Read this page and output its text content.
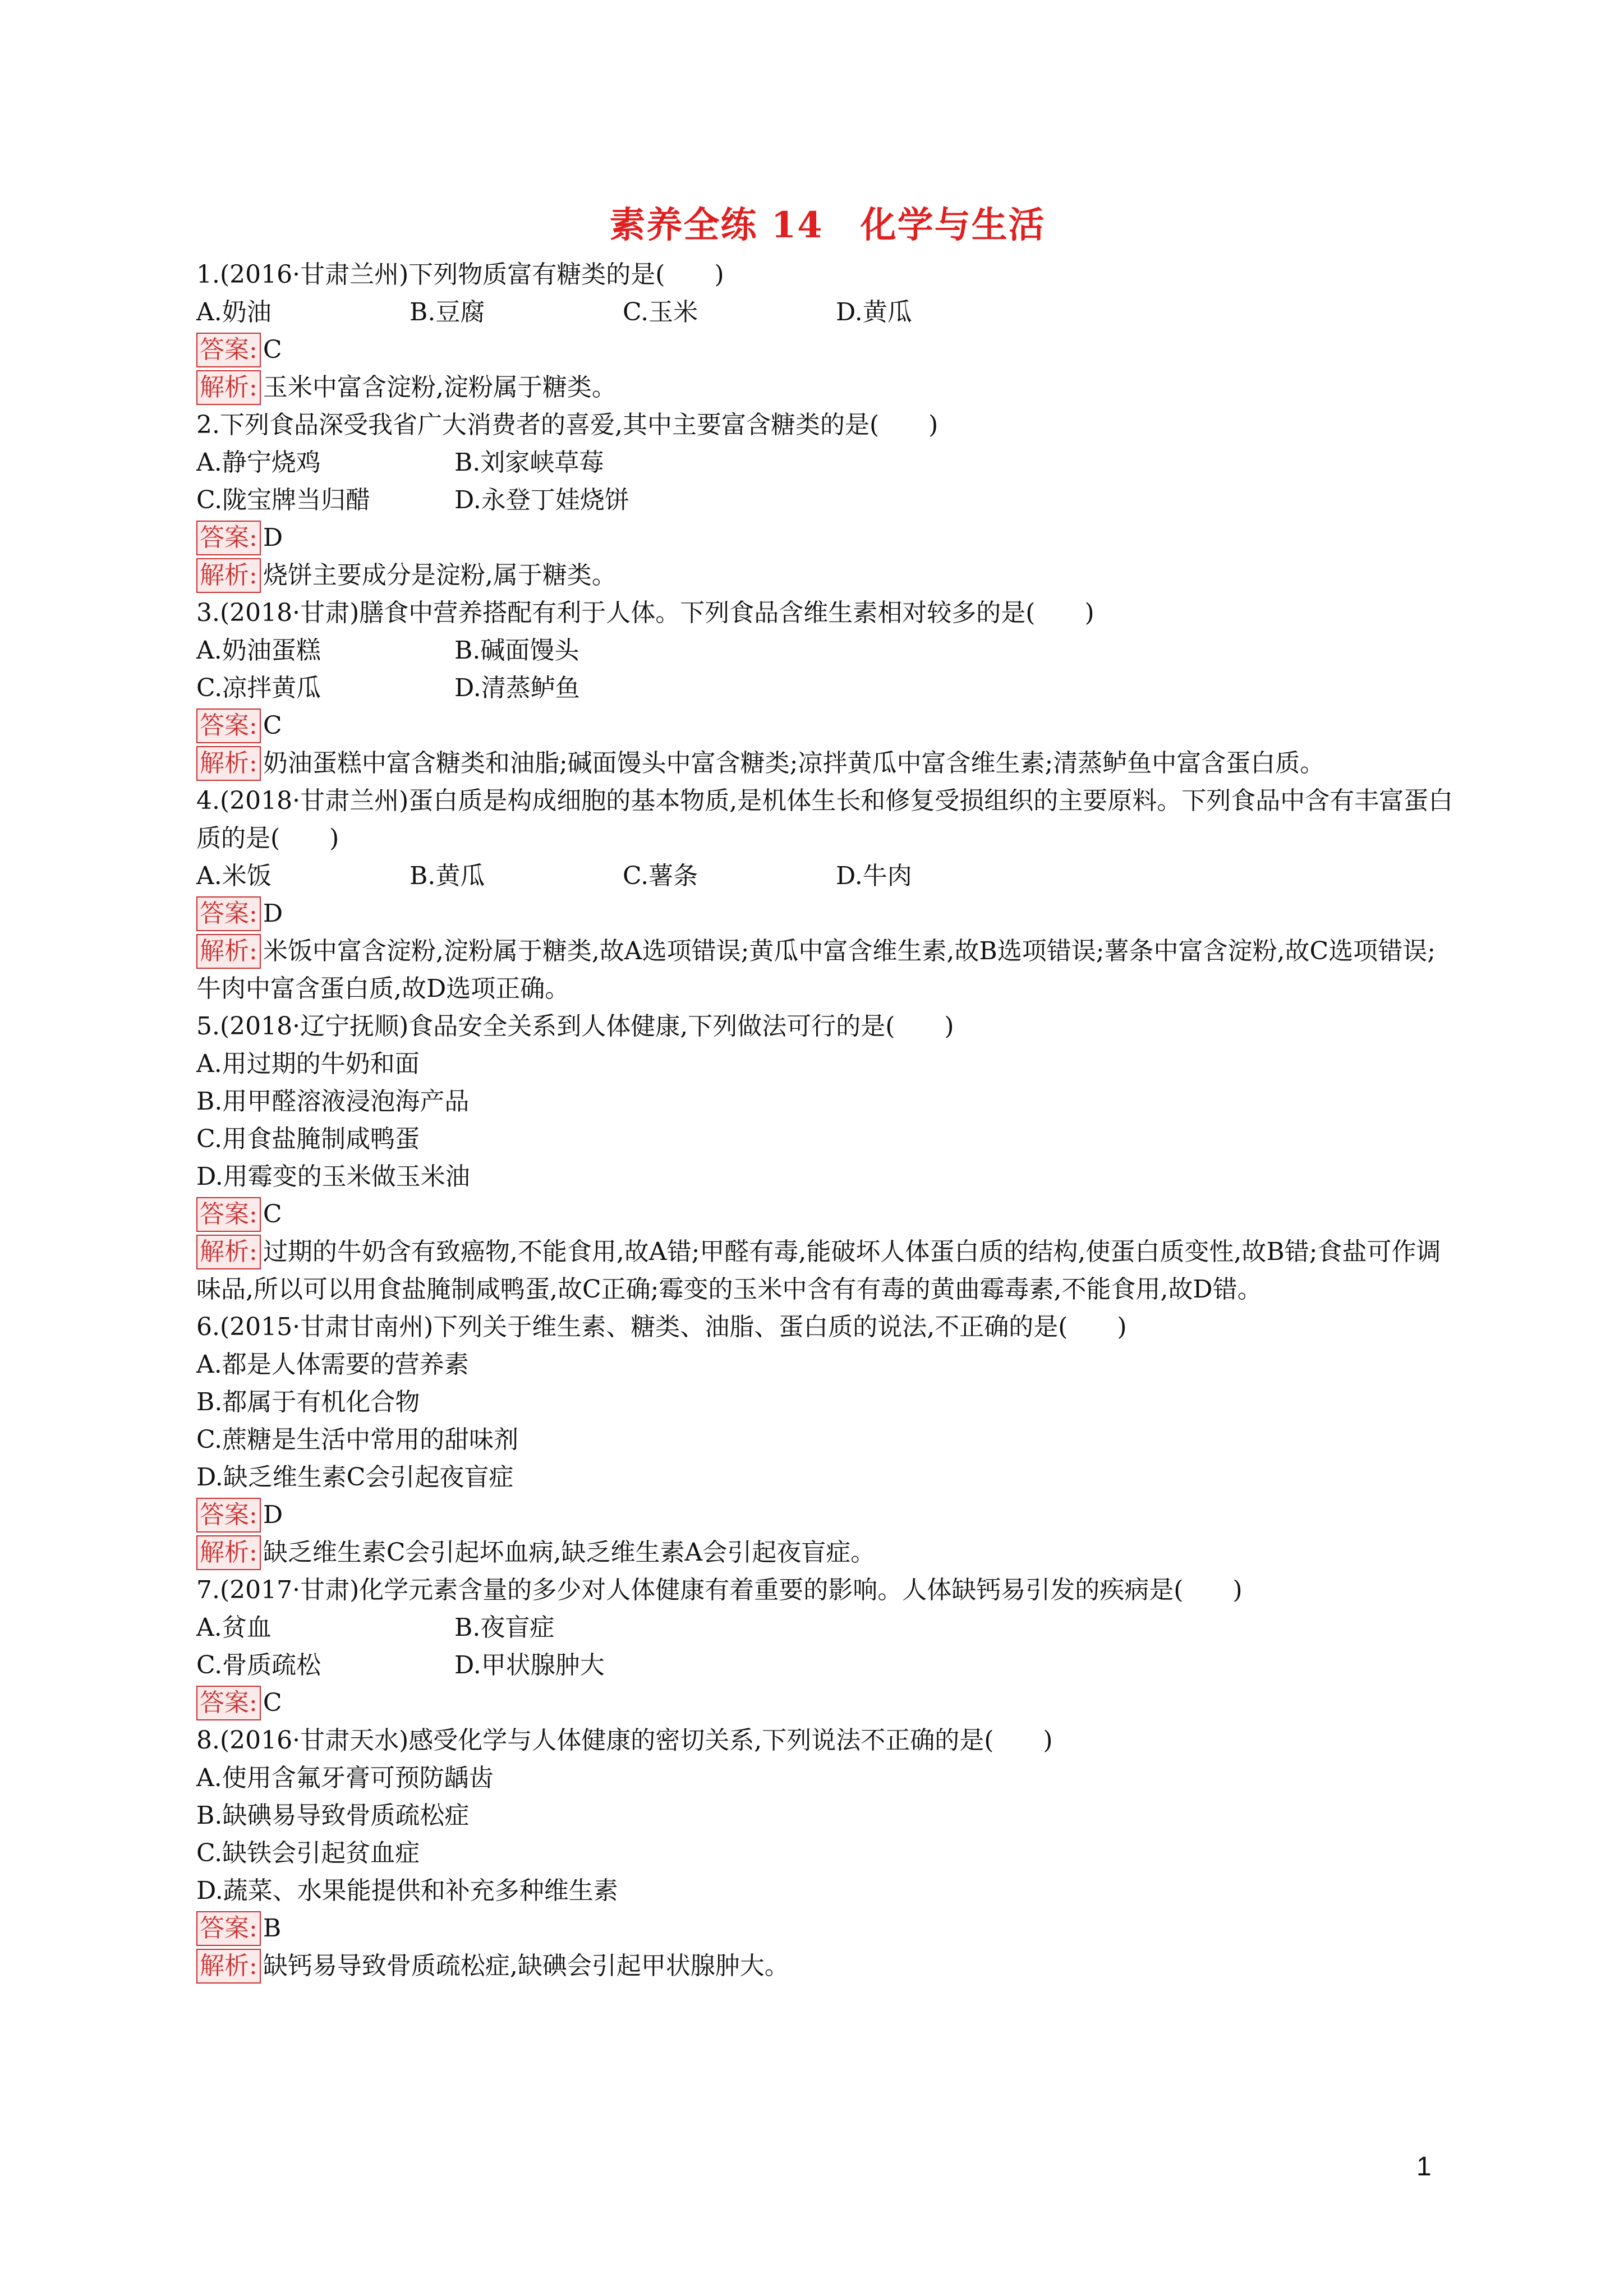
素养全练 14　化学与生活
1.(2016·甘肃兰州)下列物质富有糖类的是(　　)
A.奶油	B.豆腐	C.玉米	D.黄瓜
答案: C
解析: 玉米中富含淀粉,淀粉属于糖类。
2.下列食品深受我省广大消费者的喜爱,其中主要富含糖类的是(　　)
A.静宁烧鸡	B.刘家峡草莓
C.陇宝牌当归醋	D.永登丁娃烧饼
答案: D
解析: 烧饼主要成分是淀粉,属于糖类。
3.(2018·甘肃)膳食中营养搭配有利于人体。下列食品含维生素相对较多的是(　　)
A.奶油蛋糕	B.碱面馒头
C.凉拌黄瓜	D.清蒸鲈鱼
答案: C
解析: 奶油蛋糕中富含糖类和油脂;碱面馒头中富含糖类;凉拌黄瓜中富含维生素;清蒸鲈鱼中富含蛋白质。
4.(2018·甘肃兰州)蛋白质是构成细胞的基本物质,是机体生长和修复受损组织的主要原料。下列食品中含有丰富蛋白质的是(　　)
A.米饭	B.黄瓜	C.薯条	D.牛肉
答案: D
解析: 米饭中富含淀粉,淀粉属于糖类,故A选项错误;黄瓜中富含维生素,故B选项错误;薯条中富含淀粉,故C选项错误;牛肉中富含蛋白质,故D选项正确。
5.(2018·辽宁抚顺)食品安全关系到人体健康,下列做法可行的是(　　)
A.用过期的牛奶和面
B.用甲醛溶液浸泡海产品
C.用食盐腌制咸鸭蛋
D.用霉变的玉米做玉米油
答案: C
解析: 过期的牛奶含有致癌物,不能食用,故A错;甲醛有毒,能破坏人体蛋白质的结构,使蛋白质变性,故B错;食盐可作调味品,所以可以用食盐腌制咸鸭蛋,故C正确;霉变的玉米中含有有毒的黄曲霉毒素,不能食用,故D错。
6.(2015·甘肃甘南州)下列关于维生素、糖类、油脂、蛋白质的说法,不正确的是(　　)
A.都是人体需要的营养素
B.都属于有机化合物
C.蔗糖是生活中常用的甜味剂
D.缺乏维生素C会引起夜盲症
答案: D
解析: 缺乏维生素C会引起坏血病,缺乏维生素A会引起夜盲症。
7.(2017·甘肃)化学元素含量的多少对人体健康有着重要的影响。人体缺钙易引发的疾病是(　　)
A.贫血	B.夜盲症
C.骨质疏松	D.甲状腺肿大
答案: C
8.(2016·甘肃天水)感受化学与人体健康的密切关系,下列说法不正确的是(　　)
A.使用含氟牙膏可预防龋齿
B.缺碘易导致骨质疏松症
C.缺铁会引起贫血症
D.蔬菜、水果能提供和补充多种维生素
答案: B
解析: 缺钙易导致骨质疏松症,缺碘会引起甲状腺肿大。
1
